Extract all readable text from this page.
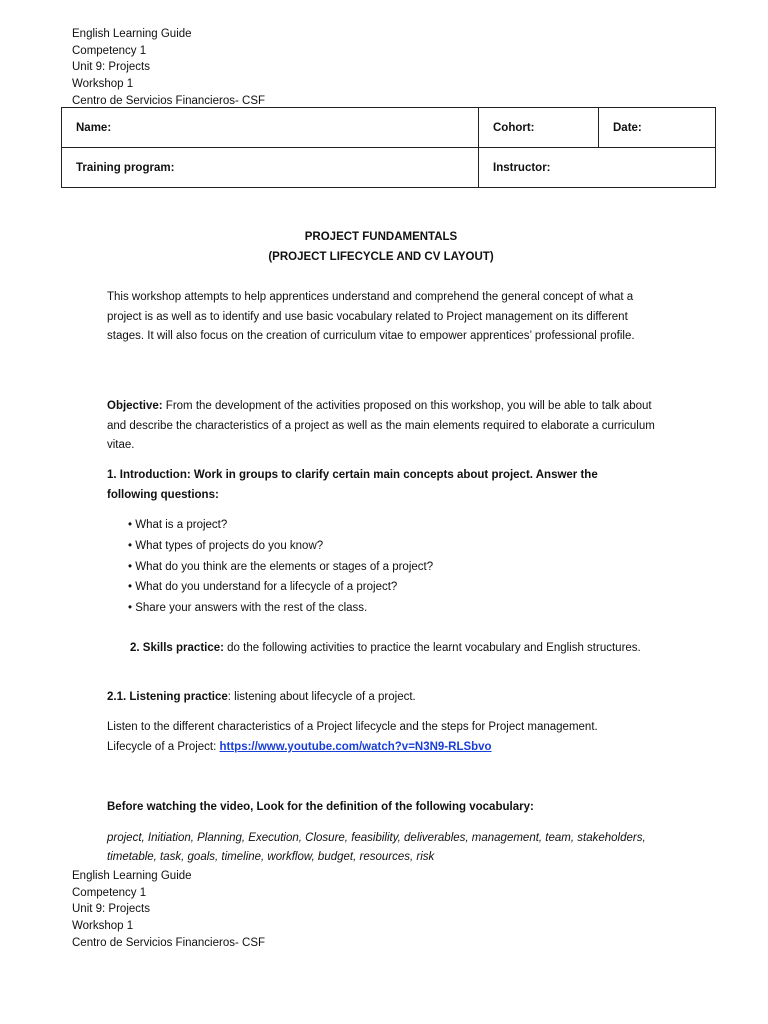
English Learning Guide
Competency 1
Unit 9: Projects
Workshop 1
Centro de Servicios Financieros- CSF
Name:	Cohort:	Date:
Training program:	Instructor:	
PROJECT FUNDAMENTALS
(PROJECT LIFECYCLE AND CV LAYOUT)
This workshop attempts to help apprentices understand and comprehend the general concept of what a project is as well as to identify and use basic vocabulary related to Project management on its different stages. It will also focus on the creation of curriculum vitae to empower apprentices’ professional profile.
Objective: From the development of the activities proposed on this workshop, you will be able to talk about and describe the characteristics of a project as well as the main elements required to elaborate a curriculum vitae.
1. Introduction: Work in groups to clarify certain main concepts about project. Answer the following questions:
• What is a project?
• What types of projects do you know?
• What do you think are the elements or stages of a project?
• What do you understand for a lifecycle of a project?
• Share your answers with the rest of the class.
2. Skills practice: do the following activities to practice the learnt vocabulary and English structures.
2.1. Listening practice: listening about lifecycle of a project.
Listen to the different characteristics of a Project lifecycle and the steps for Project management.
Lifecycle of a Project: https://www.youtube.com/watch?v=N3N9-RLSbvo
Before watching the video, Look for the definition of the following vocabulary:
project, Initiation, Planning, Execution, Closure, feasibility, deliverables, management, team, stakeholders, timetable, task, goals, timeline, workflow, budget, resources, risk
English Learning Guide
Competency 1
Unit 9: Projects
Workshop 1
Centro de Servicios Financieros- CSF
